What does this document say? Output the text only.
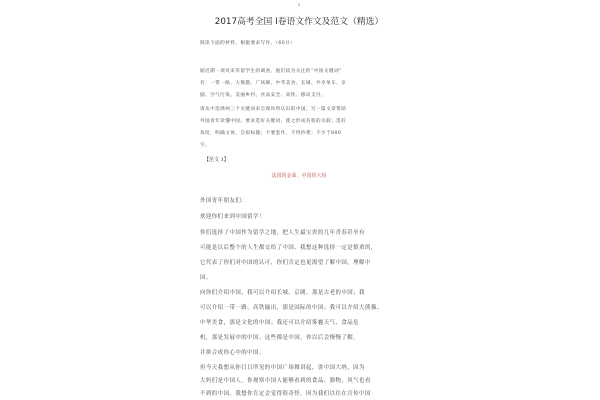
1
2017高考全国 I卷语文作文及范文（精选）
阅读下面的材料，根据要求写作。（60分）
据近期一项对来华留学生的调查，他们较为关注的“中国关键词”
有：一带一路、大熊猫、广场舞、中华美食、长城、共享单车、京
剧、空气污染、美丽乡村、食品安全、高铁、移动支付。
请从中选择两三个关键词来呈现你所认识的中国，写一篇文章帮助
外国青年读懂中国。要求选好关键词，使之形成有机的关联；选好
角度，明确文体，自拟标题；不要套作，不得抄袭；不少于800
字。
【范文 1】
法国的金面，中国的大妈
外国青年朋友们：
欢迎你们来到中国留学！
你们选择了中国作为留学之地，把人生最宝贵的几年青春甚至有
可能是以后整个的人生都交给了中国，我想这种选择一定是慎重的，
它代表了你们对中国的认可，你们肯定也更渴望了解中国，理解中
国。
向你们介绍中国，我可以介绍长城、京剧，那是古老的中国；我
可以介绍一带一路、高铁输出，那是国际的中国；我可以介绍大熊猫、
中华美食，那是文化的中国；我还可以介绍雾霾天气、食品危
机，那是发展中的中国。这些都是中国，你以后会慢慢了解，
并拼合成你心中的中国。
但今天我想从你日日所见的中国广场舞讲起，讲中国大妈，因为
大妈们是中国人，你观察中国人能够看到的食品、器物，风气也看
不到的中国。我想你肯定会觉得很奇怪，因为我们以往在宣传中国
